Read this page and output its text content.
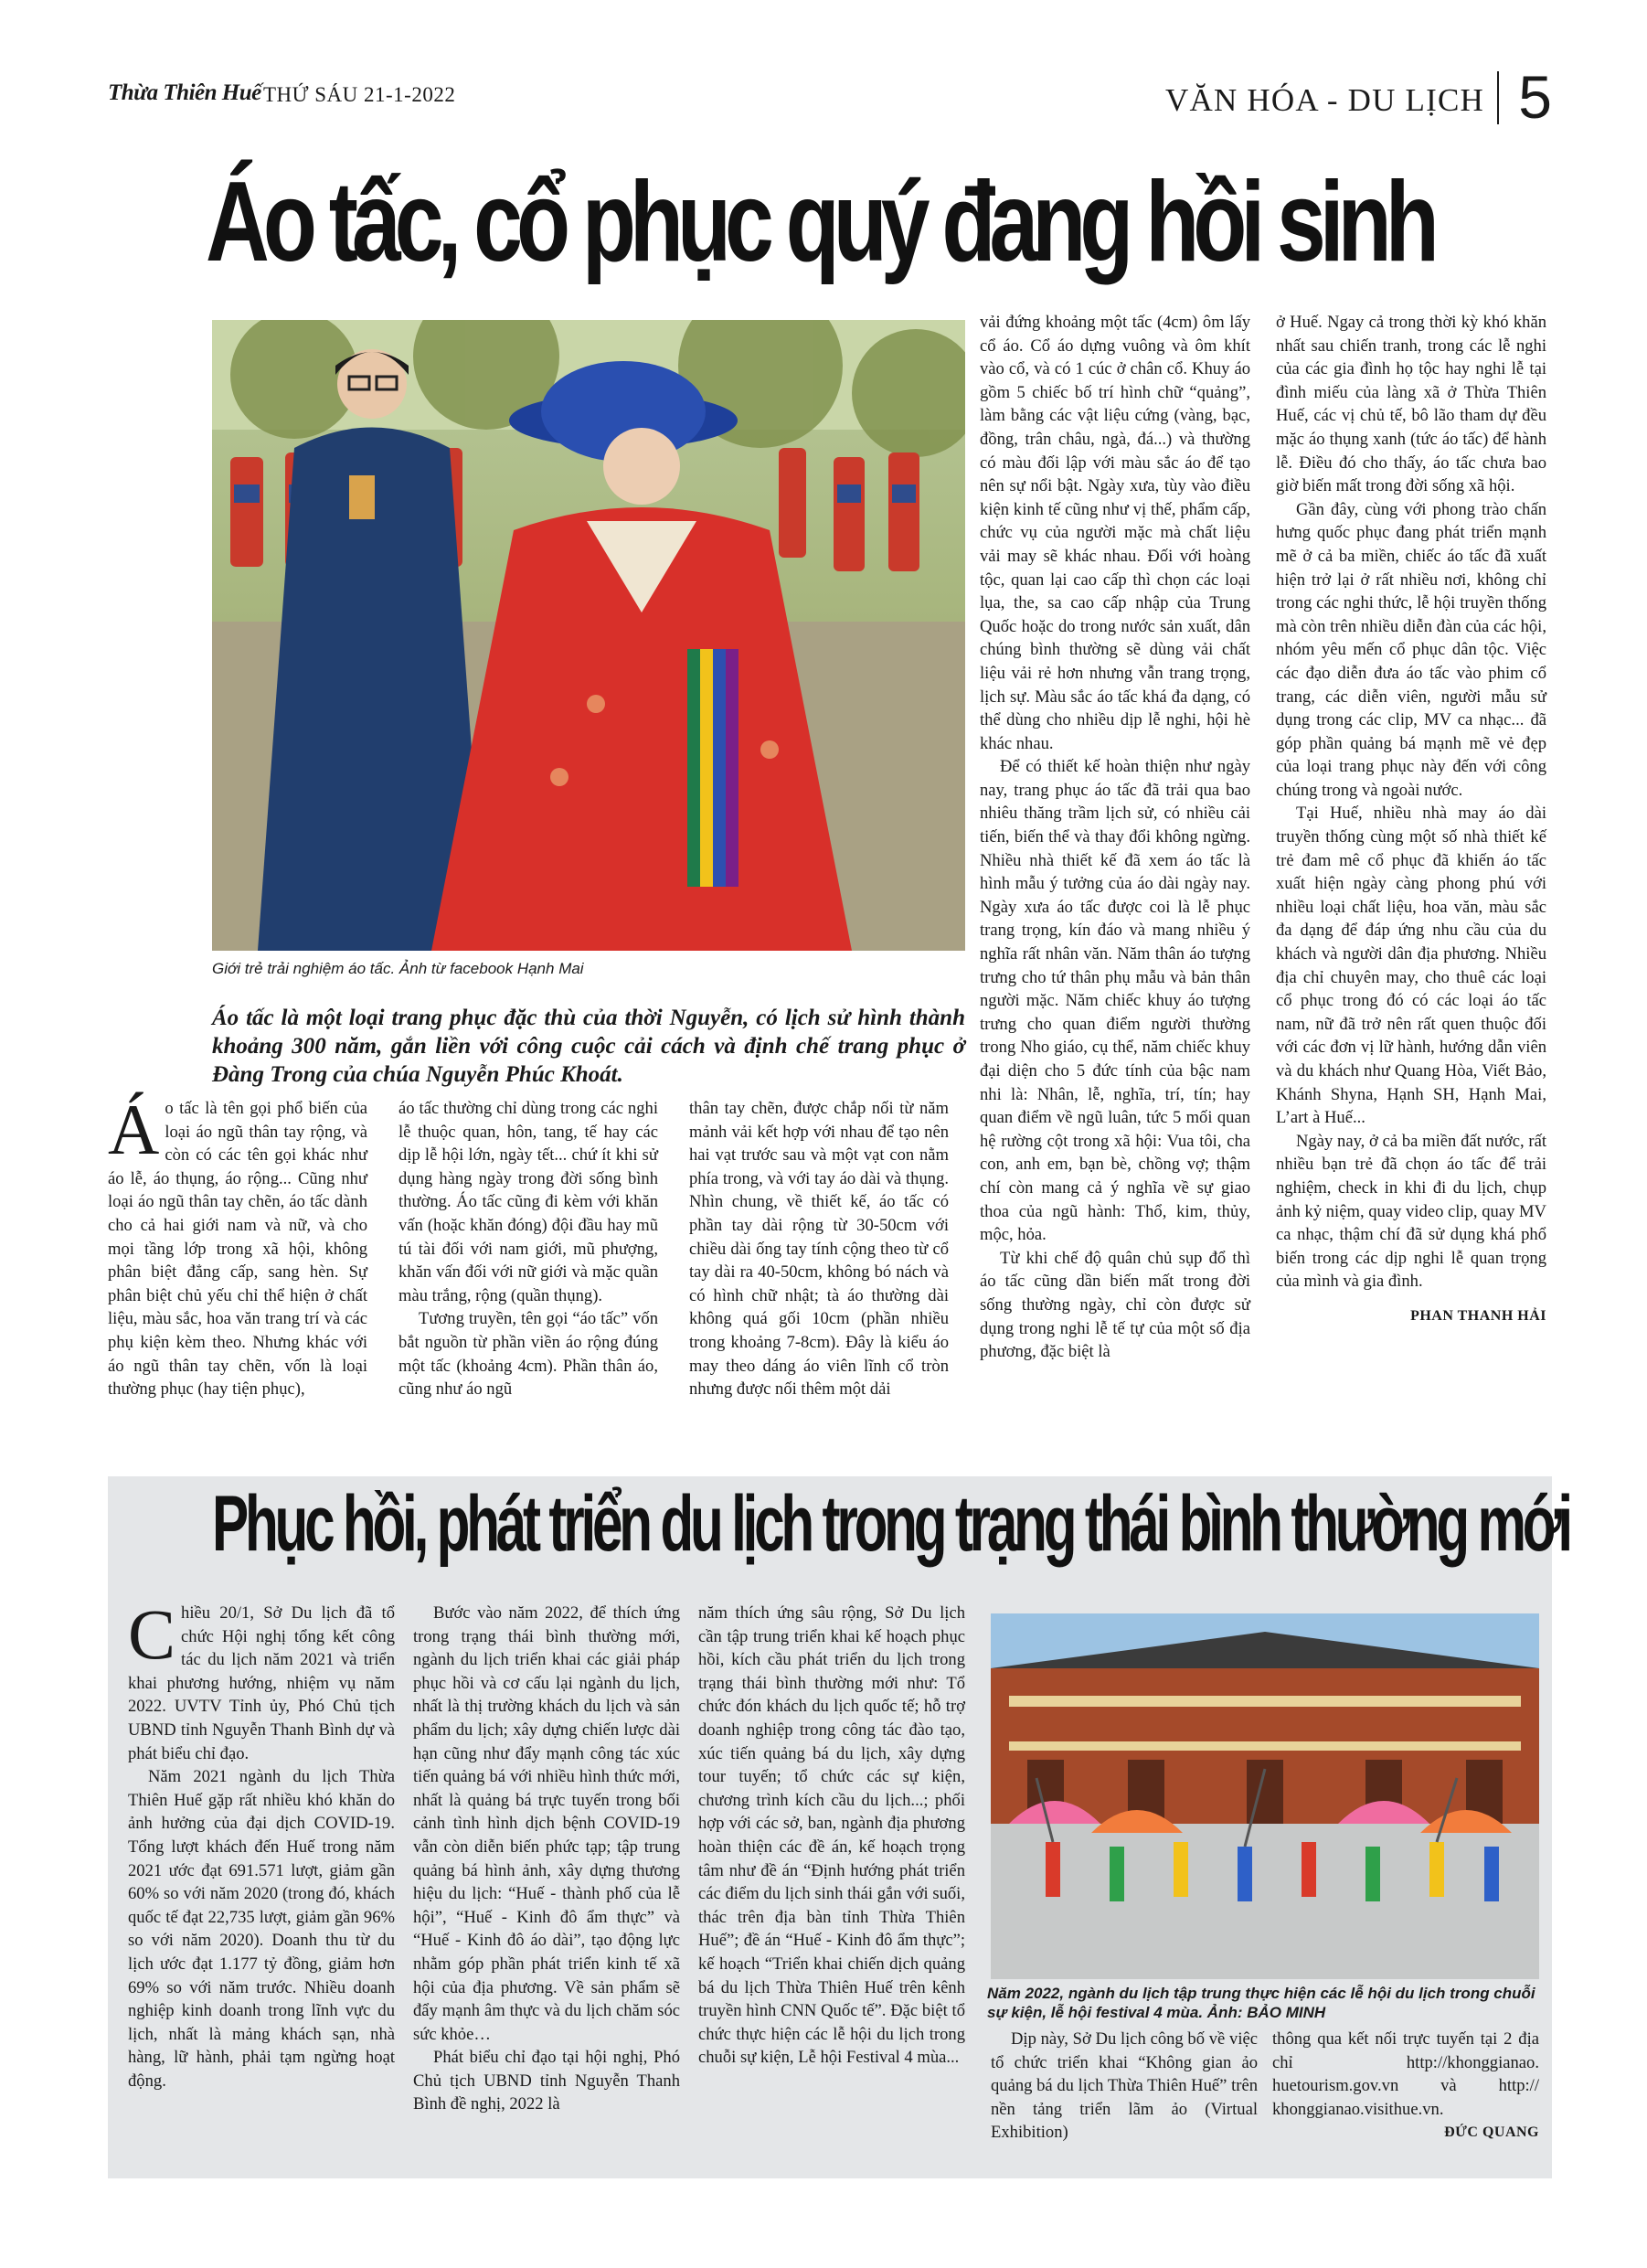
Thừa Thiên Huế THỨ SÁU 21-1-2022	VĂN HÓA - DU LỊCH 5
Áo tấc, cổ phục quý đang hồi sinh
Giới trẻ trải nghiệm áo tấc. Ảnh từ facebook Hạnh Mai
Áo tấc là một loại trang phục đặc thù của thời Nguyễn, có lịch sử hình thành khoảng 300 năm, gắn liền với công cuộc cải cách và định chế trang phục ở Đàng Trong của chúa Nguyễn Phúc Khoát.

Áo tấc là tên gọi phổ biến của loại áo ngũ thân tay rộng, và còn có các tên gọi khác như áo lễ, áo thụng, áo rộng... Cũng như loại áo ngũ thân tay chẽn, áo tấc dành cho cả hai giới nam và nữ, và cho mọi tầng lớp trong xã hội, không phân biệt đẳng cấp, sang hèn. Sự phân biệt chủ yếu chỉ thể hiện ở chất liệu, màu sắc, hoa văn trang trí và các phụ kiện kèm theo. Nhưng khác với áo ngũ thân tay chẽn, vốn là loại thường phục (hay tiện phục),

áo tấc thường chỉ dùng trong các nghi lễ thuộc quan, hôn, tang, tế hay các dịp lễ hội lớn, ngày tết... chứ ít khi sử dụng hàng ngày trong đời sống bình thường. Áo tấc cũng đi kèm với khăn vấn (hoặc khăn đóng) đội đầu hay mũ tú tài đối với nam giới, mũ phượng, khăn vấn đối với nữ giới và mặc quần màu trắng, rộng (quần thụng).

Tương truyền, tên gọi “áo tấc” vốn bắt nguồn từ phần viền áo rộng đúng một tấc (khoảng 4cm). Phần thân áo, cũng như áo ngũ

thân tay chẽn, được chắp nối từ năm mảnh vải kết hợp với nhau để tạo nên hai vạt trước sau và một vạt con nằm phía trong, và với tay áo dài và thụng. Nhìn chung, về thiết kế, áo tấc có phần tay dài rộng từ 30-50cm với chiều dài ống tay tính cộng theo từ cổ tay dài ra 40-50cm, không bó nách và có hình chữ nhật; tà áo thường dài không quá gối 10cm (phần nhiều trong khoảng 7-8cm). Đây là kiểu áo may theo dáng áo viên lĩnh cổ tròn nhưng được nối thêm một dải

vải đứng khoảng một tấc (4cm) ôm lấy cổ áo. Cổ áo dựng vuông và ôm khít vào cổ, và có 1 cúc ở chân cổ. Khuy áo gồm 5 chiếc bố trí hình chữ “quảng”, làm bằng các vật liệu cứng (vàng, bạc, đồng, trân châu, ngà, đá...) và thường có màu đối lập với màu sắc áo để tạo nên sự nổi bật. Ngày xưa, tùy vào điều kiện kinh tế cũng như vị thế, phẩm cấp, chức vụ của người mặc mà chất liệu vải may sẽ khác nhau. Đối với hoàng tộc, quan lại cao cấp thì chọn các loại lụa, the, sa cao cấp nhập của Trung Quốc hoặc do trong nước sản xuất, dân chúng bình thường sẽ dùng vải chất liệu vải rẻ hơn nhưng vẫn trang trọng, lịch sự. Màu sắc áo tấc khá đa dạng, có thể dùng cho nhiều dịp lễ nghi, hội hè khác nhau.

Để có thiết kế hoàn thiện như ngày nay, trang phục áo tấc đã trải qua bao nhiêu thăng trầm lịch sử, có nhiều cải tiến, biến thể và thay đổi không ngừng. Nhiều nhà thiết kế đã xem áo tấc là hình mẫu ý tưởng của áo dài ngày nay. Ngày xưa áo tấc được coi là lễ phục trang trọng, kín đáo và mang nhiều ý nghĩa rất nhân văn. Năm thân áo tượng trưng cho tứ thân phụ mẫu và bản thân người mặc. Năm chiếc khuy áo tượng trưng cho quan điểm người thường trong Nho giáo, cụ thể, năm chiếc khuy đại diện cho 5 đức tính của bậc nam nhi là: Nhân, lễ, nghĩa, trí, tín; hay quan điểm về ngũ luân, tức 5 mối quan hệ rường cột trong xã hội: Vua tôi, cha con, anh em, bạn bè, chồng vợ; thậm chí còn mang cả ý nghĩa về sự giao thoa của ngũ hành: Thổ, kim, thủy, mộc, hỏa.

Từ khi chế độ quân chủ sụp đổ thì áo tấc cũng dần biến mất trong đời sống thường ngày, chỉ còn được sử dụng trong nghi lễ tế tự của một số địa phương, đặc biệt là

ở Huế. Ngay cả trong thời kỳ khó khăn nhất sau chiến tranh, trong các lễ nghi của các gia đình họ tộc hay nghi lễ tại đình miếu của làng xã ở Thừa Thiên Huế, các vị chủ tế, bô lão tham dự đều mặc áo thụng xanh (tức áo tấc) để hành lễ. Điều đó cho thấy, áo tấc chưa bao giờ biến mất trong đời sống xã hội.

Gần đây, cùng với phong trào chấn hưng quốc phục đang phát triển mạnh mẽ ở cả ba miền, chiếc áo tấc đã xuất hiện trở lại ở rất nhiều nơi, không chỉ trong các nghi thức, lễ hội truyền thống mà còn trên nhiều diễn đàn của các hội, nhóm yêu mến cổ phục dân tộc. Việc các đạo diễn đưa áo tấc vào phim cổ trang, các diễn viên, người mẫu sử dụng trong các clip, MV ca nhạc... đã góp phần quảng bá mạnh mẽ vẻ đẹp của loại trang phục này đến với công chúng trong và ngoài nước.

Tại Huế, nhiều nhà may áo dài truyền thống cùng một số nhà thiết kế trẻ đam mê cổ phục đã khiến áo tấc xuất hiện ngày càng phong phú với nhiều loại chất liệu, hoa văn, màu sắc đa dạng để đáp ứng nhu cầu của du khách và người dân địa phương. Nhiều địa chỉ chuyên may, cho thuê các loại cổ phục trong đó có các loại áo tấc nam, nữ đã trở nên rất quen thuộc đối với các đơn vị lữ hành, hướng dẫn viên và du khách như Quang Hòa, Viết Bảo, Khánh Shyna, Hạnh SH, Hạnh Mai, L’art à Huế...

Ngày nay, ở cả ba miền đất nước, rất nhiều bạn trẻ đã chọn áo tấc để trải nghiệm, check in khi đi du lịch, chụp ảnh kỷ niệm, quay video clip, quay MV ca nhạc, thậm chí đã sử dụng khá phổ biến trong các dịp nghi lễ quan trọng của mình và gia đình.

PHAN THANH HẢI
Phục hồi, phát triển du lịch trong trạng thái bình thường mới

Chiều 20/1, Sở Du lịch đã tổ chức Hội nghị tổng kết công tác du lịch năm 2021 và triển khai phương hướng, nhiệm vụ năm 2022. UVTV Tỉnh ủy, Phó Chủ tịch UBND tỉnh Nguyễn Thanh Bình dự và phát biểu chỉ đạo.

Năm 2021 ngành du lịch Thừa Thiên Huế gặp rất nhiều khó khăn do ảnh hưởng của đại dịch COVID-19. Tổng lượt khách đến Huế trong năm 2021 ước đạt 691.571 lượt, giảm gần 60% so với năm 2020 (trong đó, khách quốc tế đạt 22,735 lượt, giảm gần 96% so với năm 2020). Doanh thu từ du lịch ước đạt 1.177 tỷ đồng, giảm hơn 69% so với năm trước. Nhiều doanh nghiệp kinh doanh trong lĩnh vực du lịch, nhất là mảng khách sạn, nhà hàng, lữ hành, phải tạm ngừng hoạt động.

Bước vào năm 2022, để thích ứng trong trạng thái bình thường mới, ngành du lịch triển khai các giải pháp phục hồi và cơ cấu lại ngành du lịch, nhất là thị trường khách du lịch và sản phẩm du lịch; xây dựng chiến lược dài hạn cũng như đẩy mạnh công tác xúc tiến quảng bá với nhiều hình thức mới, nhất là quảng bá trực tuyến trong bối cảnh tình hình dịch bệnh COVID-19 vẫn còn diễn biến phức tạp; tập trung quảng bá hình ảnh, xây dựng thương hiệu du lịch: “Huế - thành phố của lễ hội”, “Huế - Kinh đô ẩm thực” và “Huế - Kinh đô áo dài”, tạo động lực nhằm góp phần phát triển kinh tế xã hội của địa phương. Về sản phẩm sẽ đẩy mạnh âm thực và du lịch chăm sóc sức khỏe…

Phát biểu chỉ đạo tại hội nghị, Phó Chủ tịch UBND tỉnh Nguyễn Thanh Bình đề nghị, 2022 là

năm thích ứng sâu rộng, Sở Du lịch cần tập trung triển khai kế hoạch phục hồi, kích cầu phát triển du lịch trong trạng thái bình thường mới như: Tổ chức đón khách du lịch quốc tế; hỗ trợ doanh nghiệp trong công tác đào tạo, xúc tiến quảng bá du lịch, xây dựng tour tuyến; tổ chức các sự kiện, chương trình kích cầu du lịch...; phối hợp với các sở, ban, ngành địa phương hoàn thiện các đề án, kế hoạch trọng tâm như đề án “Định hướng phát triển các điểm du lịch sinh thái gắn với suối, thác trên địa bàn tỉnh Thừa Thiên Huế”; đề án “Huế - Kinh đô ẩm thực”; kế hoạch “Triển khai chiến dịch quảng bá du lịch Thừa Thiên Huế trên kênh truyền hình CNN Quốc tế”. Đặc biệt tổ chức thực hiện các lễ hội du lịch trong chuỗi sự kiện, Lễ hội Festival 4 mùa...

Năm 2022, ngành du lịch tập trung thực hiện các lễ hội du lịch trong chuỗi sự kiện, lễ hội festival 4 mùa. Ảnh: BẢO MINH

Dịp này, Sở Du lịch công bố về việc tổ chức triển khai “Không gian ảo quảng bá du lịch Thừa Thiên Huế” trên nền tảng triển lãm ảo (Virtual Exhibition)

thông qua kết nối trực tuyến tại 2 địa chỉ http://khonggianao. huetourism.gov.vn và http:// khonggianao.visithue.vn.

ĐỨC QUANG
